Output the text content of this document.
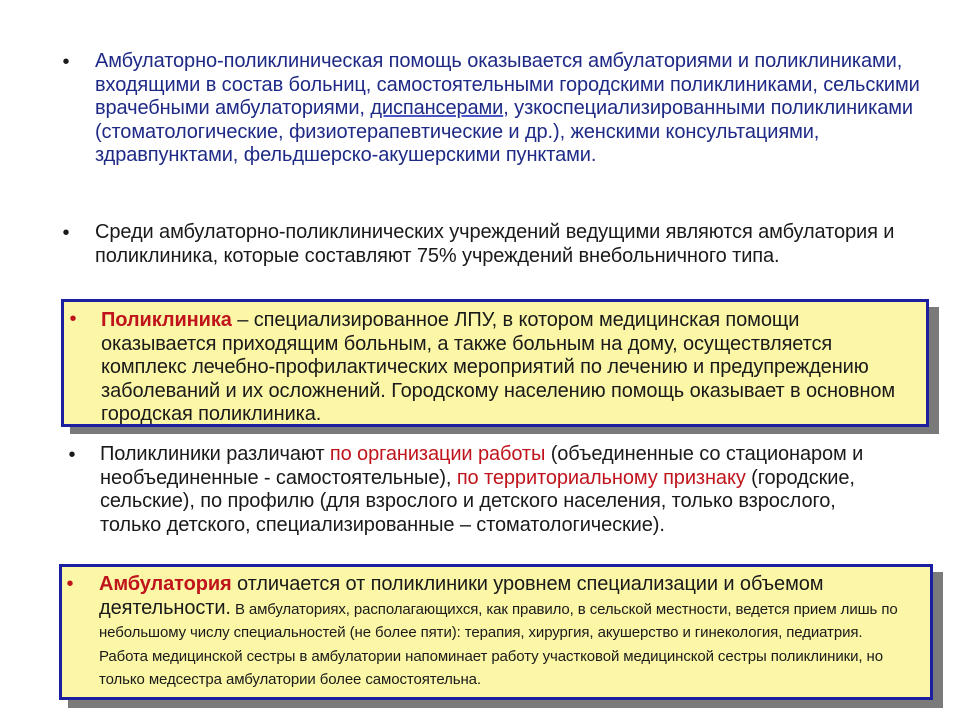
• Амбулаторно-поликлиническая помощь оказывается амбулаториями и поликлиниками, входящими в состав больниц, самостоятельными городскими поликлиниками, сельскими врачебными амбулаториями, диспансерами, узкоспециализированными поликлиниками (стоматологические, физиотерапевтические и др.), женскими консультациями, здравпунктами, фельдшерско-акушерскими пунктами.

• Среди амбулаторно-поликлинических учреждений ведущими являются амбулатория и поликлиника, которые составляют 75% учреждений внебольничного типа.

• Поликлиника – специализированное ЛПУ, в котором медицинская помощи оказывается приходящим больным, а также больным на дому, осуществляется комплекс лечебно-профилактических мероприятий по лечению и предупреждению заболеваний и их осложнений. Городскому населению помощь оказывает в основном городская поликлиника.

• Поликлиники различают по организации работы (объединенные со стационаром и необъединенные - самостоятельные), по территориальному признаку (городские, сельские), по профилю (для взрослого и детского населения, только взрослого, только детского, специализированные – стоматологические).

• Амбулатория отличается от поликлиники уровнем специализации и объемом деятельности. В амбулаториях, располагающихся, как правило, в сельской местности, ведется прием лишь по небольшому числу специальностей (не более пяти): терапия, хирургия, акушерство и гинекология, педиатрия. Работа медицинской сестры в амбулатории напоминает работу участковой медицинской сестры поликлиники, но только медсестра амбулатории более самостоятельна.
